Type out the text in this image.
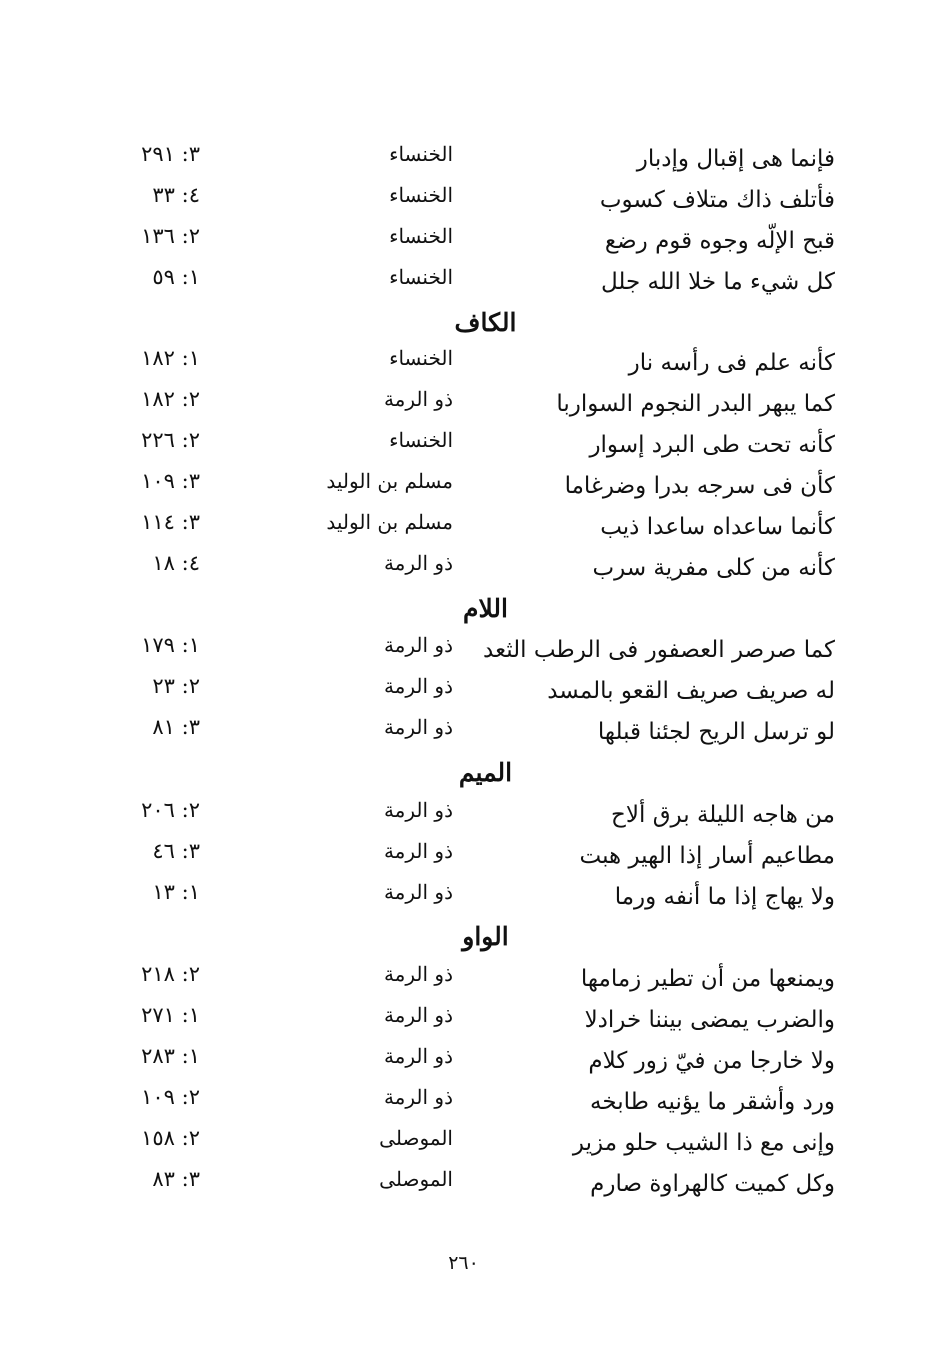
فإنما هى إقبال وإدبار
الخنساء
٣: ٢٩١
فأتلف ذاك متلاف كسوب
الخنساء
٤: ٣٣
قبح الإلّه وجوه قوم رضع
الخنساء
٢: ١٣٦
كل شيء ما خلا الله جلل
الخنساء
١: ٥٩
الكاف
كأنه علم فى رأسه نار
الخنساء
١: ١٨٢
كما يبهر البدر النجوم السواربا
ذو الرمة
٢: ١٨٢
كأنه تحت طى البرد إسوار
الخنساء
٢: ٢٢٦
كأن فى سرجه بدرا وضرغاما
مسلم بن الوليد
٣: ١٠٩
كأنما ساعداه ساعدا ذيب
مسلم بن الوليد
٣: ١١٤
كأنه من كلى مفرية سرب
ذو الرمة
٤: ١٨
اللام
كما صرصر العصفور فى الرطب الثعد
ذو الرمة
١: ١٧٩
له صريف صريف القعو بالمسد
ذو الرمة
٢: ٢٣
لو ترسل الريح لجئنا قبلها
ذو الرمة
٣: ٨١
الميم
من هاجه الليلة برق ألاح
ذو الرمة
٢: ٢٠٦
مطاعيم أسار إذا الهير هبت
ذو الرمة
٣: ٤٦
ولا يهاج إذا ما أنفه ورما
ذو الرمة
١: ١٣
الواو
ويمنعها من أن تطير زمامها
ذو الرمة
٢: ٢١٨
والضرب يمضى بيننا خرادلا
ذو الرمة
١: ٢٧١
ولا خارجا من فيّ زور كلام
ذو الرمة
١: ٢٨٣
ورد وأشقر ما يؤنيه طابخه
ذو الرمة
٢: ١٠٩
وإنى مع ذا الشيب حلو مزير
الموصلى
٢: ١٥٨
وكل كميت كالهراوة صارم
الموصلى
٣: ٨٣
٢٦٠
